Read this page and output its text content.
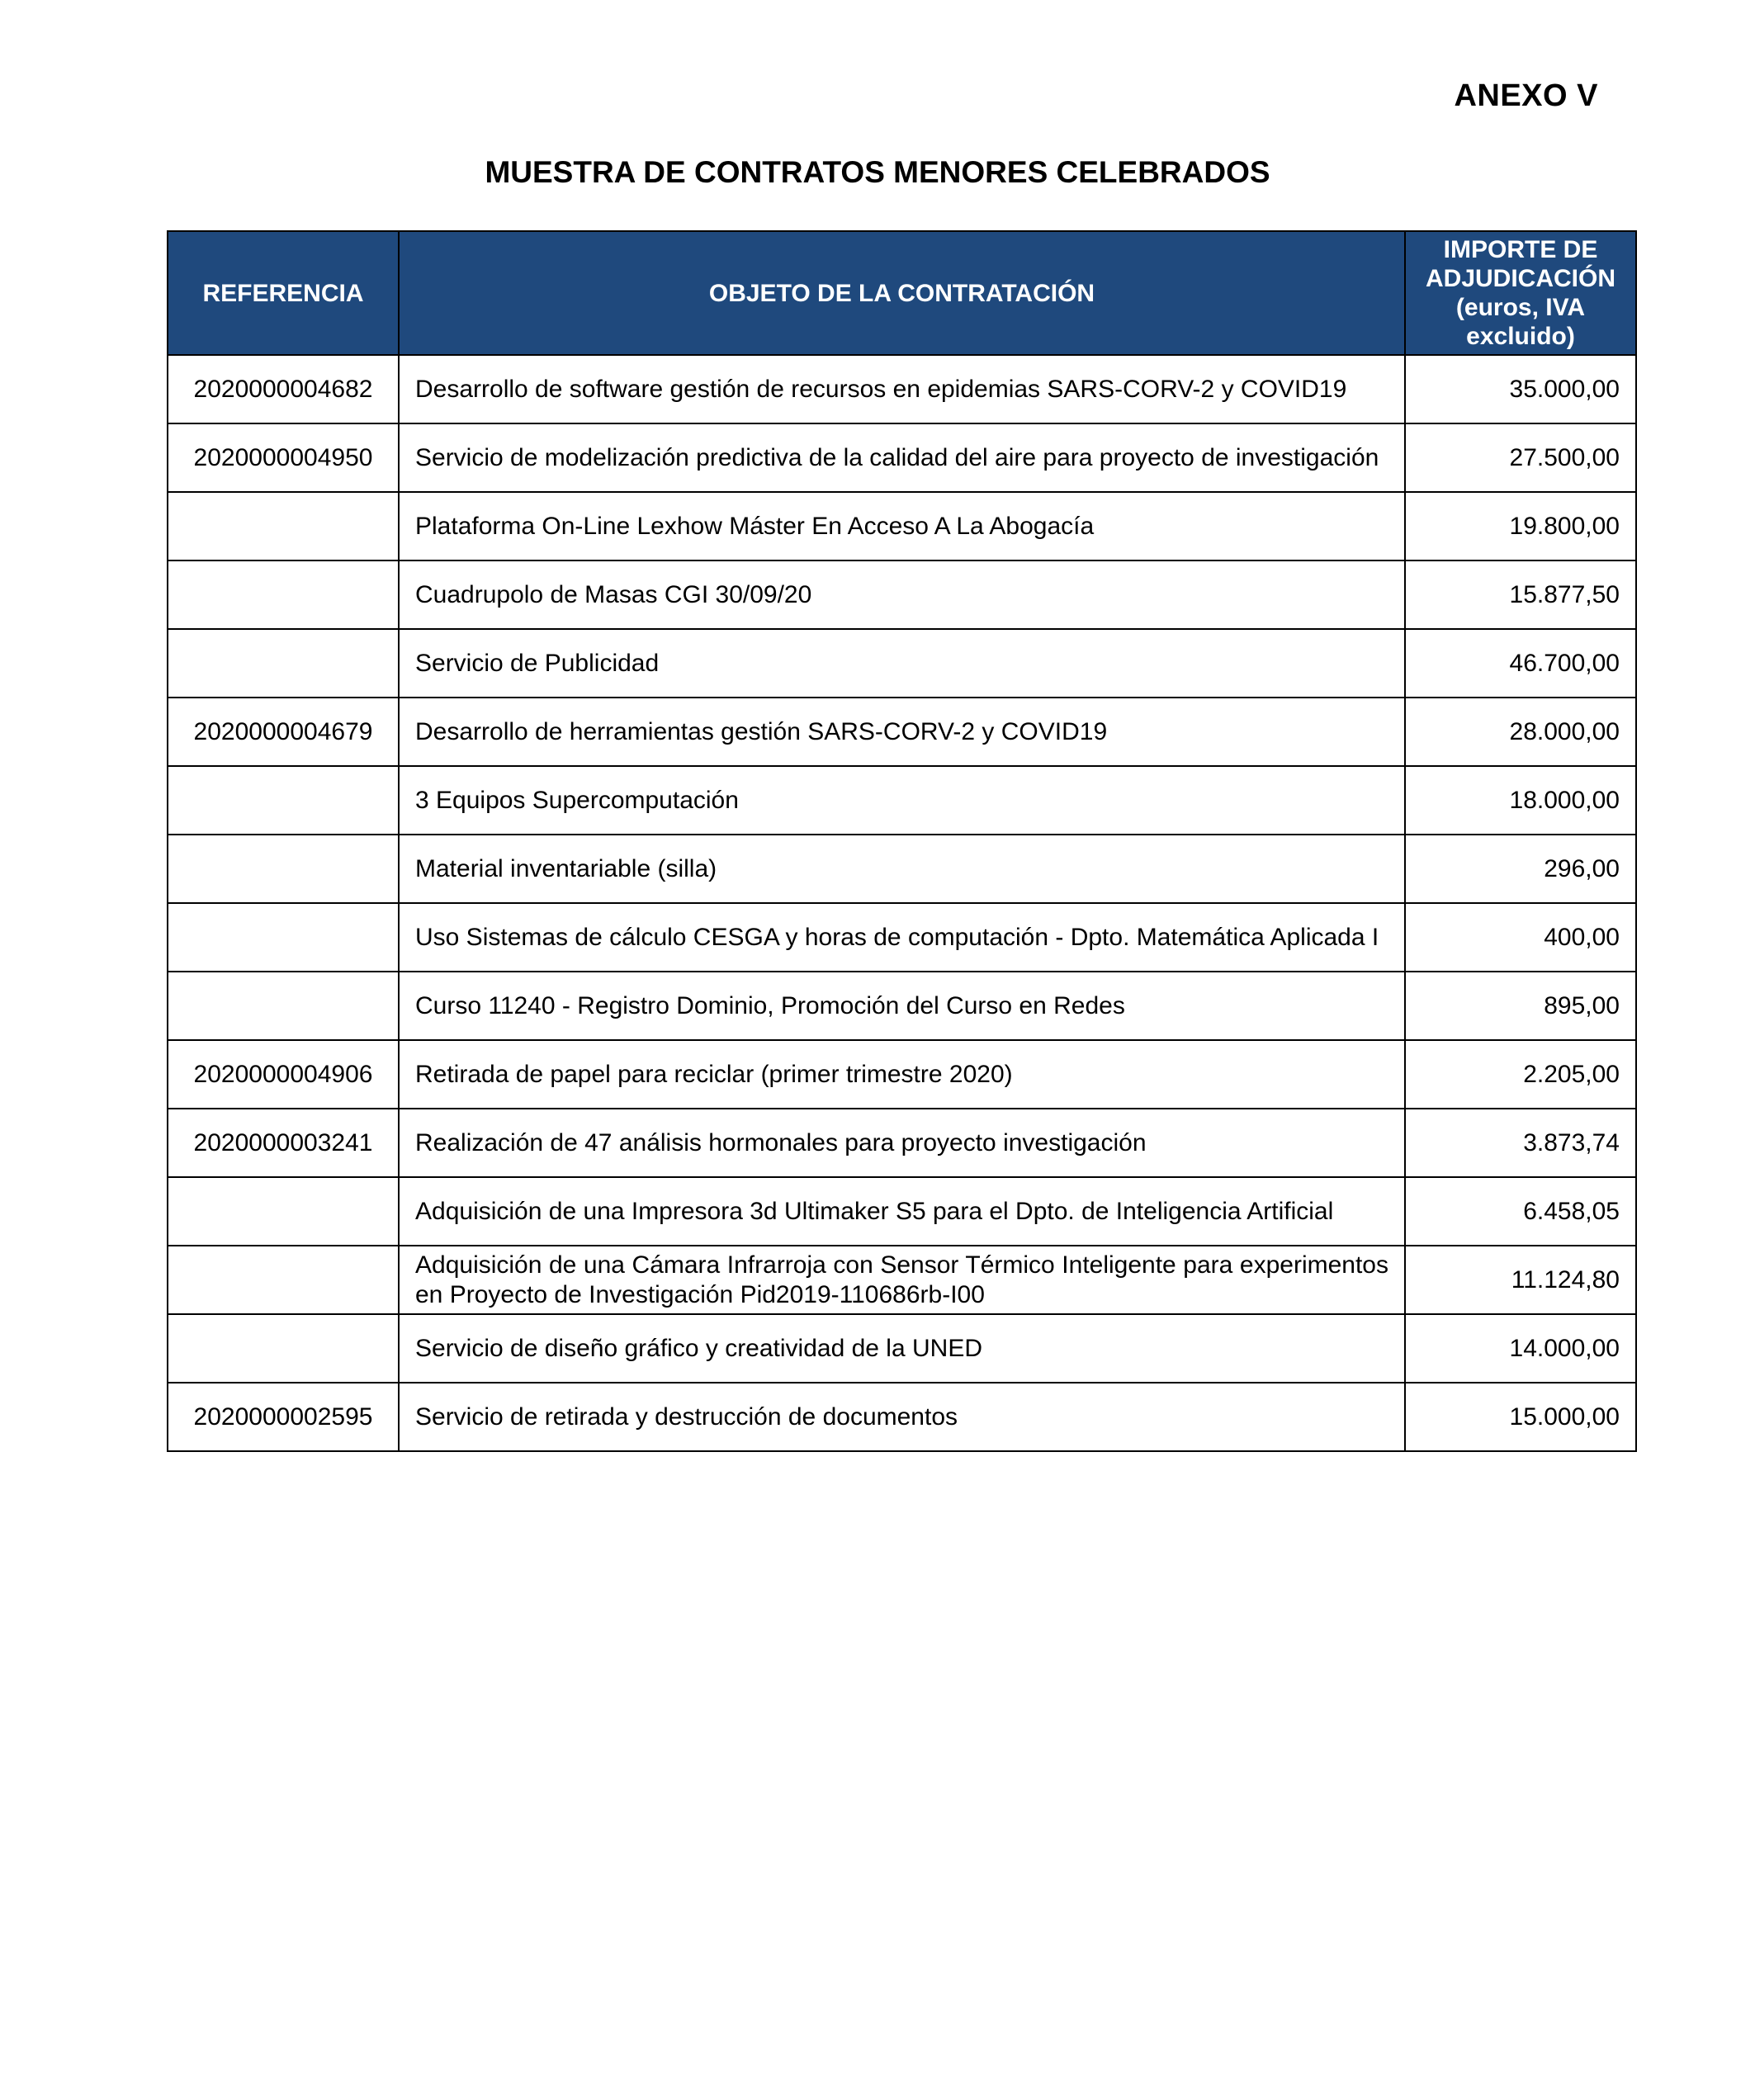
ANEXO V
MUESTRA DE CONTRATOS MENORES CELEBRADOS
REFERENCIA	OBJETO DE LA CONTRATACIÓN	IMPORTE DE ADJUDICACIÓN (euros, IVA excluido)
2020000004682	Desarrollo de software gestión de recursos en epidemias SARS-CORV-2 y COVID19	35.000,00
2020000004950	Servicio de modelización predictiva de la calidad del aire para proyecto de investigación	27.500,00
	Plataforma On-Line Lexhow Máster En Acceso A La Abogacía	19.800,00
	Cuadrupolo de Masas CGI 30/09/20	15.877,50
	Servicio de Publicidad	46.700,00
2020000004679	Desarrollo de herramientas gestión SARS-CORV-2 y COVID19	28.000,00
	3 Equipos Supercomputación	18.000,00
	Material inventariable (silla)	296,00
	Uso Sistemas de cálculo CESGA y horas de computación - Dpto. Matemática Aplicada I	400,00
	Curso 11240 - Registro Dominio, Promoción del Curso en Redes	895,00
2020000004906	Retirada de papel para reciclar (primer trimestre 2020)	2.205,00
2020000003241	Realización de 47 análisis hormonales para proyecto investigación	3.873,74
	Adquisición de una Impresora 3d Ultimaker S5 para el Dpto. de Inteligencia Artificial	6.458,05
	Adquisición de una Cámara Infrarroja con Sensor Térmico Inteligente para experimentos en Proyecto de Investigación Pid2019-110686rb-I00	11.124,80
	Servicio de diseño gráfico y creatividad de la UNED	14.000,00
2020000002595	Servicio de retirada y destrucción de documentos	15.000,00
